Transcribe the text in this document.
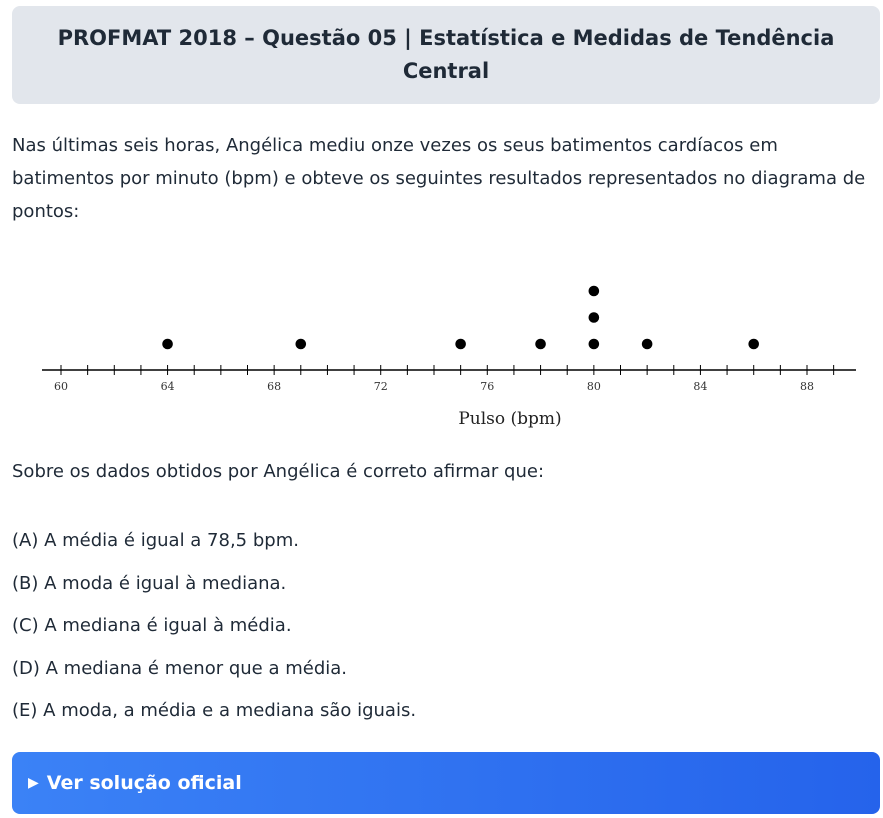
PROFMAT 2018 – Questão 05 | Estatística e Medidas de Tendência Central

Nas últimas seis horas, Angélica mediu onze vezes os seus batimentos cardíacos em batimentos por minuto (bpm) e obteve os seguintes resultados representados no diagrama de pontos:

60	64	68	72	76	80	84	88
Pulso (bpm)

Sobre os dados obtidos por Angélica é correto afirmar que:

(A) A média é igual a 78,5 bpm.
(B) A moda é igual à mediana.
(C) A mediana é igual à média.
(D) A mediana é menor que a média.
(E) A moda, a média e a mediana são iguais.
▶ Ver solução oficial
